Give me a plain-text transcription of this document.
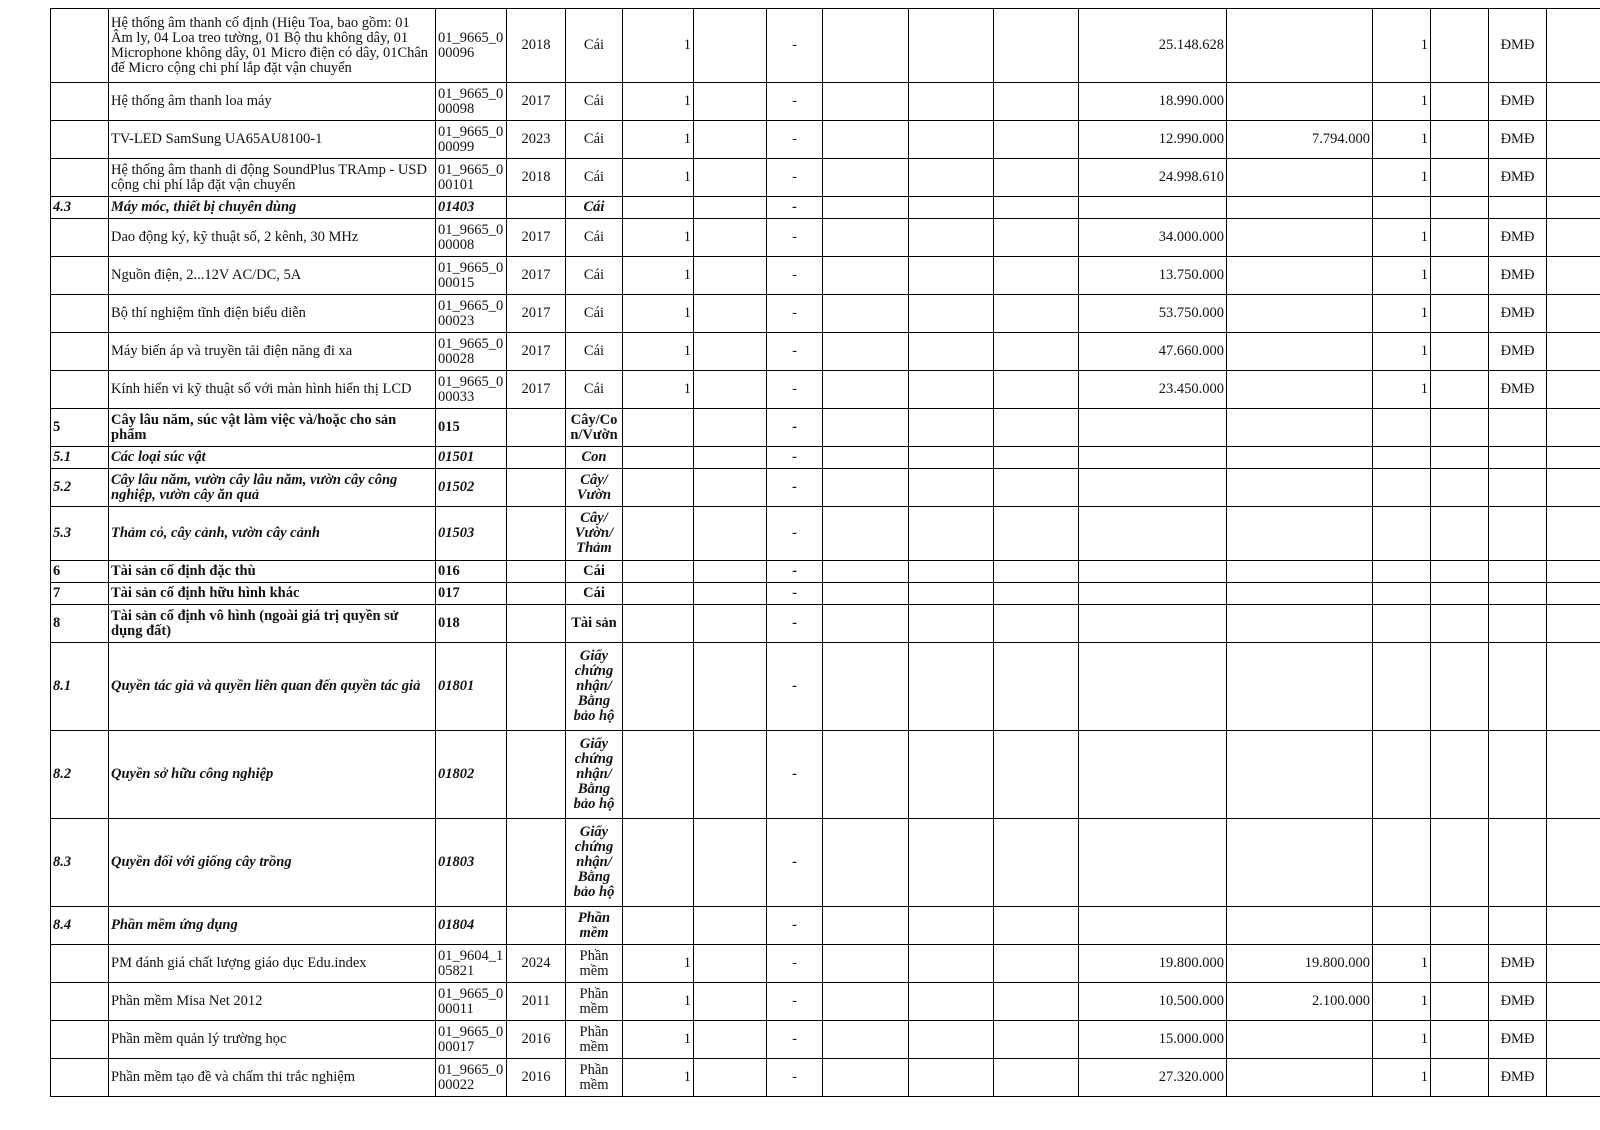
	Hệ thống âm thanh cố định (Hiệu Toa, bao gồm: 01 Âm ly, 04 Loa treo tường, 01 Bộ thu không dây, 01 Microphone không dây, 01 Micro điện có dây, 01Chân đế Micro cộng chi phí lắp đặt vận chuyển	01_9665_000096	2018	Cái	1		-				25.148.628		1		ĐMĐ	
	Hệ thống âm thanh loa máy	01_9665_000098	2017	Cái	1		-				18.990.000		1		ĐMĐ	
	TV-LED SamSung UA65AU8100-1	01_9665_000099	2023	Cái	1		-				12.990.000	7.794.000	1		ĐMĐ	
	Hệ thống âm thanh di động SoundPlus TRAmp - USD cộng chi phí lắp đặt vận chuyển	01_9665_000101	2018	Cái	1		-				24.998.610		1		ĐMĐ	
4.3	Máy móc, thiết bị chuyên dùng	01403		Cái			-									
	Dao động ký, kỹ thuật số, 2 kênh, 30 MHz	01_9665_000008	2017	Cái	1		-				34.000.000		1		ĐMĐ	
	Nguồn điện, 2...12V AC/DC, 5A	01_9665_000015	2017	Cái	1		-				13.750.000		1		ĐMĐ	
	Bộ thí nghiệm tĩnh điện biểu diễn	01_9665_000023	2017	Cái	1		-				53.750.000		1		ĐMĐ	
	Máy biến áp và truyền tải điện năng đi xa	01_9665_000028	2017	Cái	1		-				47.660.000		1		ĐMĐ	
	Kính hiển vi kỹ thuật số với màn hình hiển thị LCD	01_9665_000033	2017	Cái	1		-				23.450.000		1		ĐMĐ	
5	Cây lâu năm, súc vật làm việc và/hoặc cho sản phẩm	015		Cây/Con/Vườn			-									
5.1	Các loại súc vật	01501		Con			-									
5.2	Cây lâu năm, vườn cây lâu năm, vườn cây công nghiệp, vườn cây ăn quả	01502		Cây/ Vườn			-									
5.3	Thảm cỏ, cây cảnh, vườn cây cảnh	01503		Cây/ Vườn/ Thảm			-									
6	Tài sản cố định đặc thù	016		Cái			-									
7	Tài sản cố định hữu hình khác	017		Cái			-									
8	Tài sản cố định vô hình (ngoài giá trị quyền sử dụng đất)	018		Tài sản			-									
8.1	Quyền tác giả và quyền liên quan đến quyền tác giả	01801		Giấy chứng nhận/ Bằng bảo hộ			-									
8.2	Quyền sở hữu công nghiệp	01802		Giấy chứng nhận/ Bằng bảo hộ			-									
8.3	Quyền đối với giống cây trồng	01803		Giấy chứng nhận/ Bằng bảo hộ			-									
8.4	Phần mềm ứng dụng	01804		Phần mềm			-									
	PM đánh giá chất lượng giáo dục Edu.index	01_9604_105821	2024	Phần mềm	1		-				19.800.000	19.800.000	1		ĐMĐ	
	Phần mềm Misa Net 2012	01_9665_000011	2011	Phần mềm	1		-				10.500.000	2.100.000	1		ĐMĐ	
	Phần mềm quản lý trường học	01_9665_000017	2016	Phần mềm	1		-				15.000.000		1		ĐMĐ	
	Phần mềm tạo đề và chấm thi trắc nghiệm	01_9665_000022	2016	Phần mềm	1		-				27.320.000		1		ĐMĐ	
